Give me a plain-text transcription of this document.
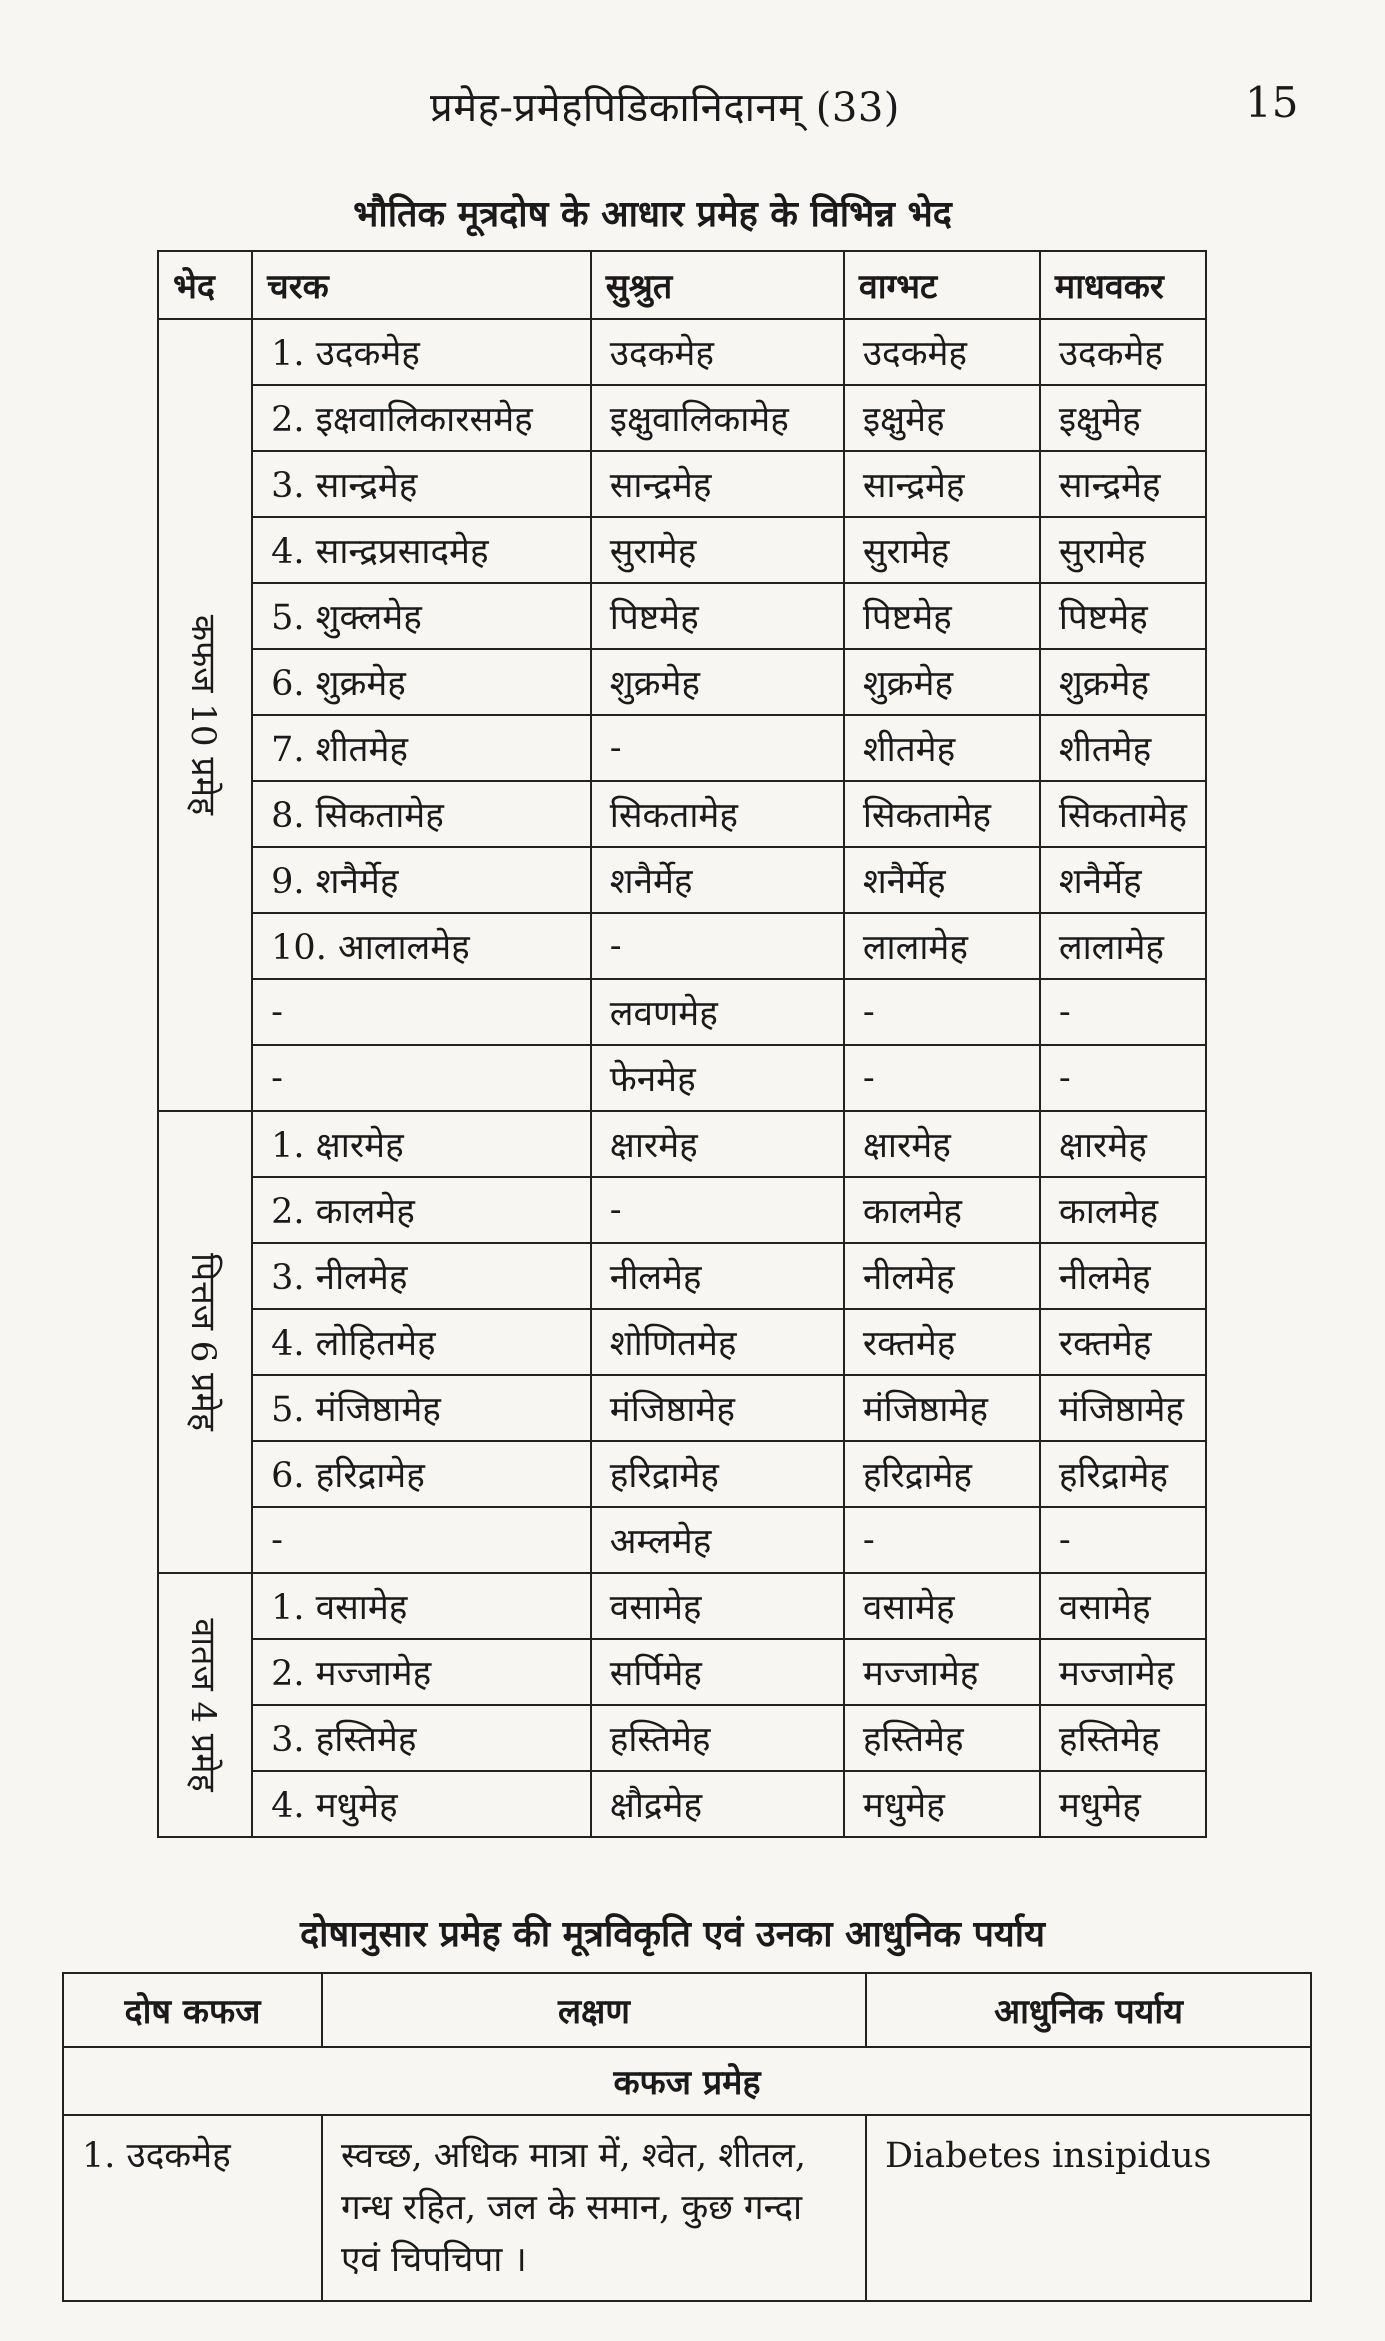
प्रमेह-प्रमेहपिडिकानिदानम् (33)	15
भौतिक मूत्रदोष के आधार प्रमेह के विभिन्न भेद
भेद	चरक	सुश्रुत	वाग्भट	माधवकर

कफज 10 प्रमेह	1. उदकमेह	उदकमेह	उदकमेह	उदकमेह
	2. इक्षवालिकारसमेह	इक्षुवालिकामेह	इक्षुमेह	इक्षुमेह
	3. सान्द्रमेह	सान्द्रमेह	सान्द्रमेह	सान्द्रमेह
	4. सान्द्रप्रसादमेह	सुरामेह	सुरामेह	सुरामेह
	5. शुक्लमेह	पिष्टमेह	पिष्टमेह	पिष्टमेह
	6. शुक्रमेह	शुक्रमेह	शुक्रमेह	शुक्रमेह
	7. शीतमेह	-	शीतमेह	शीतमेह
	8. सिकतामेह	सिकतामेह	सिकतामेह	सिकतामेह
	9. शनैर्मेह	शनैर्मेह	शनैर्मेह	शनैर्मेह
	10. आलालमेह	-	लालामेह	लालामेह
	-	लवणमेह	-	-
	-	फेनमेह	-	-

पित्तज 6 प्रमेह	1. क्षारमेह	क्षारमेह	क्षारमेह	क्षारमेह
	2. कालमेह	-	कालमेह	कालमेह
	3. नीलमेह	नीलमेह	नीलमेह	नीलमेह
	4. लोहितमेह	शोणितमेह	रक्तमेह	रक्तमेह
	5. मंजिष्ठामेह	मंजिष्ठामेह	मंजिष्ठामेह	मंजिष्ठामेह
	6. हरिद्रामेह	हरिद्रामेह	हरिद्रामेह	हरिद्रामेह
	-	अम्लमेह	-	-

वातज 4 प्रमेह	1. वसामेह	वसामेह	वसामेह	वसामेह
	2. मज्जामेह	सर्पिमेह	मज्जामेह	मज्जामेह
	3. हस्तिमेह	हस्तिमेह	हस्तिमेह	हस्तिमेह
	4. मधुमेह	क्षौद्रमेह	मधुमेह	मधुमेह
दोषानुसार प्रमेह की मूत्रविकृति एवं उनका आधुनिक पर्याय
दोष कफज	लक्षण	आधुनिक पर्याय
कफज प्रमेह		
1. उदकमेह	स्वच्छ, अधिक मात्रा में, श्वेत, शीतल, गन्ध रहित, जल के समान, कुछ गन्दा एवं चिपचिपा ।	Diabetes insipidus
